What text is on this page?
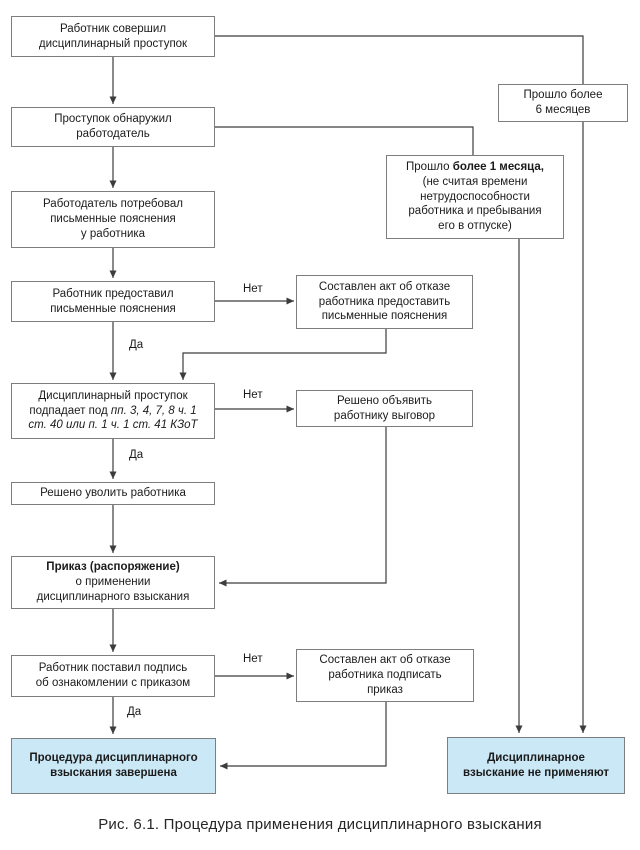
Работник совершил
дисциплинарный проступок
Проступок обнаружил
работодатель
Работодатель потребовал
письменные пояснения
у работника
Работник предоставил
письменные пояснения
Дисциплинарный проступок
подпадает под пп. 3, 4, 7, 8 ч. 1
ст. 40 или п. 1 ч. 1 ст. 41 КЗоТ
Решено уволить работника
Приказ (распоряжение)
о применении
дисциплинарного взыскания
Работник поставил подпись
об ознакомлении с приказом
Процедура дисциплинарного
взыскания завершена
Составлен акт об отказе
работника предоставить
письменные пояснения
Решено объявить
работнику выговор
Составлен акт об отказе
работника подписать
приказ
Прошло более
6 месяцев
Прошло более 1 месяца,
(не считая времени
нетрудоспособности
работника и пребывания
его в отпуске)
Дисциплинарное
взыскание не применяют
Да
Нет
Да
Нет
Да
Нет
Рис. 6.1. Процедура применения дисциплинарного взыскания
